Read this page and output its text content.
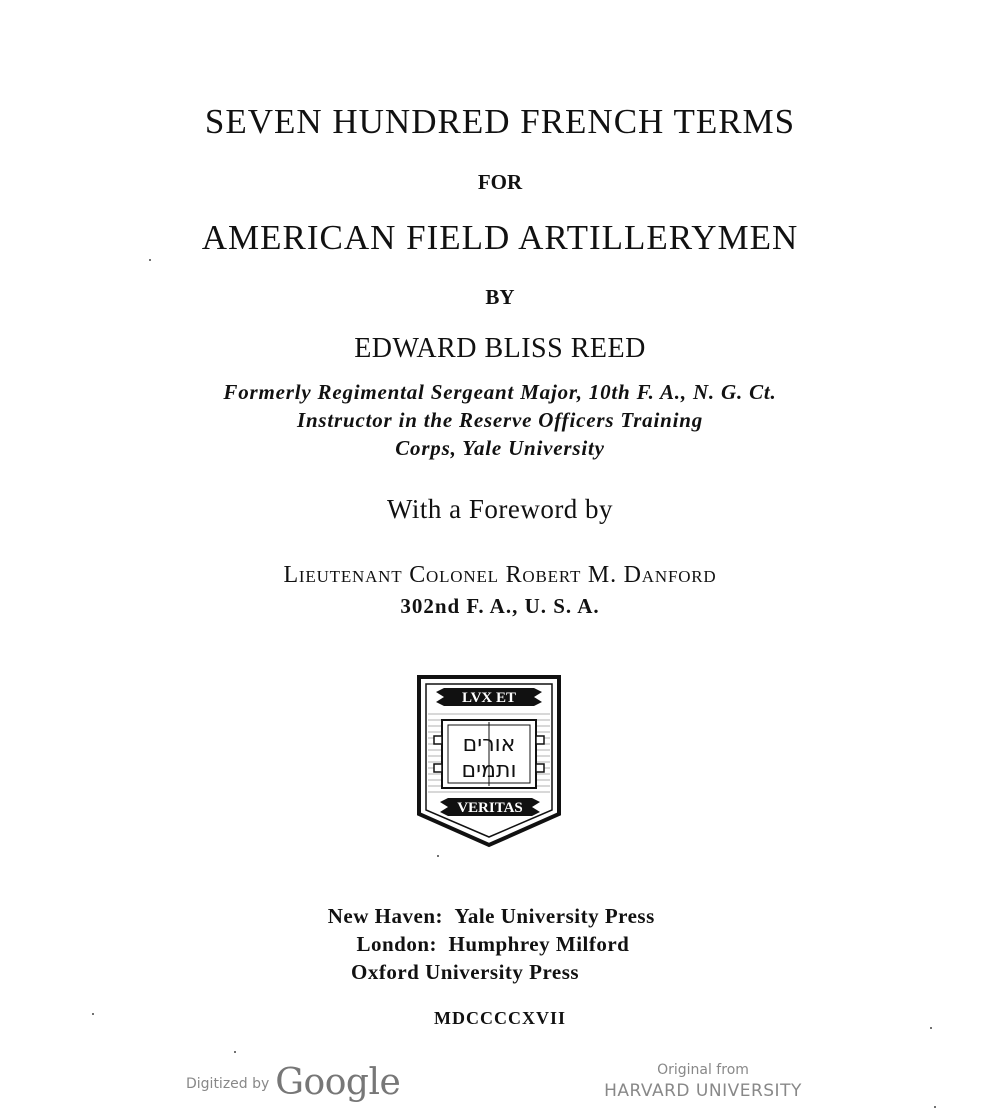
SEVEN HUNDRED FRENCH TERMS
FOR
AMERICAN FIELD ARTILLERYMEN
BY
EDWARD BLISS REED
Formerly Regimental Sergeant Major, 10th F. A., N. G. Ct.
Instructor in the Reserve Officers Training
Corps, Yale University
With a Foreword by
Lieutenant Colonel Robert M. Danford
302nd F. A., U. S. A.
LVX ET
אורים
ותמים
VERITAS
New Haven: Yale University Press
London: Humphrey Milford
Oxford University Press
MDCCCCXVII
Digitized by Google	Original from
HARVARD UNIVERSITY
